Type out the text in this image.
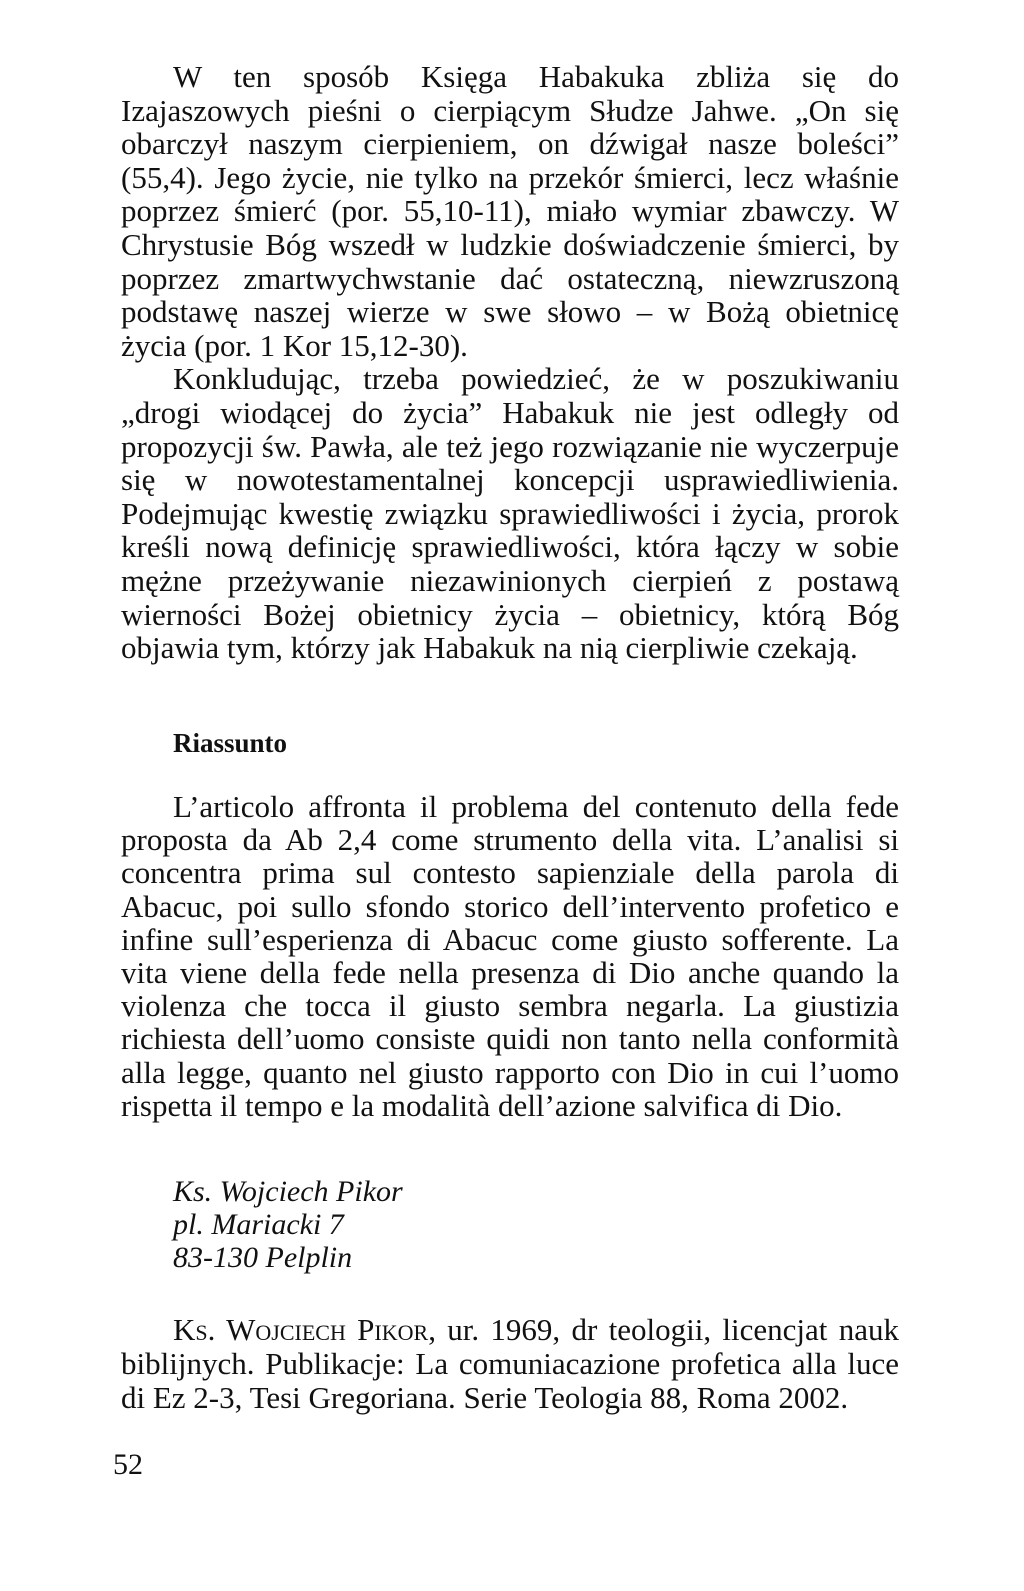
W ten sposób Księga Habakuka zbliża się do Izajaszowych pieśni o cierpiącym Słudze Jahwe. „On się obarczył naszym cierpieniem, on dźwigał nasze boleści” (55,4). Jego życie, nie tylko na przekór śmierci, lecz właśnie poprzez śmierć (por. 55,10-11), miało wymiar zbawczy. W Chrystusie Bóg wszedł w ludzkie doświadczenie śmierci, by poprzez zmartwychwstanie dać ostateczną, niewzruszoną podstawę naszej wierze w swe słowo – w Bożą obietnicę życia (por. 1 Kor 15,12-30).

Konkludując, trzeba powiedzieć, że w poszukiwaniu „drogi wiodącej do życia” Habakuk nie jest odległy od propozycji św. Pawła, ale też jego rozwiązanie nie wyczerpuje się w nowotestamentalnej koncepcji usprawiedliwienia. Podejmując kwestię związku sprawiedliwości i życia, prorok kreśli nową definicję sprawiedliwości, która łączy w sobie mężne przeżywanie niezawinionych cierpień z postawą wierności Bożej obietnicy życia – obietnicy, którą Bóg objawia tym, którzy jak Habakuk na nią cierpliwie czekają.

Riassunto

L’articolo affronta il problema del contenuto della fede proposta da Ab 2,4 come strumento della vita. L’analisi si concentra prima sul contesto sapienziale della parola di Abacuc, poi sullo sfondo storico dell’intervento profetico e infine sull’esperienza di Abacuc come giusto sofferente. La vita viene della fede nella presenza di Dio anche quando la violenza che tocca il giusto sembra negarla. La giustizia richiesta dell’uomo consiste quidi non tanto nella conformità alla legge, quanto nel giusto rapporto con Dio in cui l’uomo rispetta il tempo e la modalità dell’azione salvifica di Dio.

Ks. Wojciech Pikor
pl. Mariacki 7
83-130 Pelplin

Ks. Wojciech Pikor, ur. 1969, dr teologii, licencjat nauk biblijnych. Publikacje: La comuniacazione profetica alla luce di Ez 2-3, Tesi Gregoriana. Serie Teologia 88, Roma 2002.

52
